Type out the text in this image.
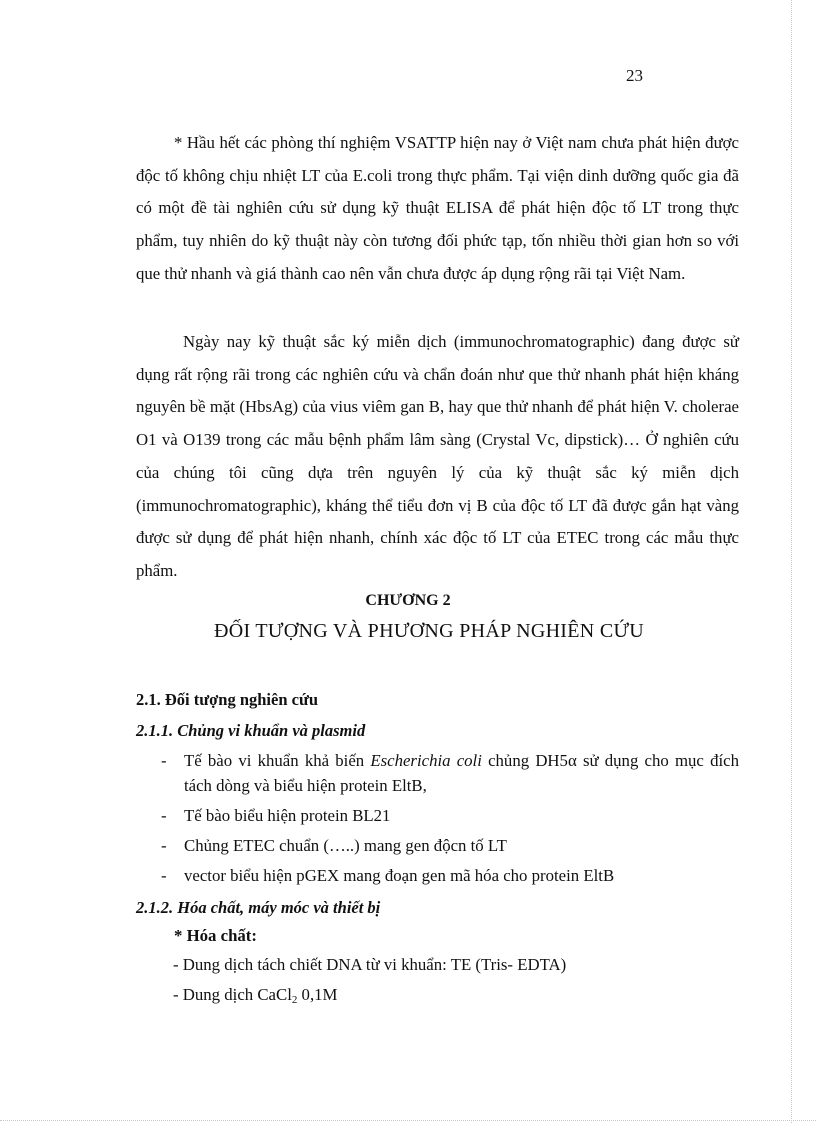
23

* Hầu hết các phòng thí nghiệm VSATTP hiện nay ở Việt nam chưa phát hiện được độc tố không chịu nhiệt LT của E.coli trong thực phẩm. Tại viện dinh dưỡng quốc gia đã có một đề tài nghiên cứu sử dụng kỹ thuật ELISA để phát hiện độc tố LT trong thực phẩm, tuy nhiên do kỹ thuật này còn tương đối phức tạp, tốn nhiều thời gian hơn so với que thử nhanh và giá thành cao nên vẫn chưa được áp dụng rộng rãi tại Việt Nam.

Ngày nay kỹ thuật sắc ký miễn dịch (immunochromatographic) đang được sử dụng rất rộng rãi trong các nghiên cứu và chẩn đoán như que thử nhanh phát hiện kháng nguyên bề mặt (HbsAg) của vius viêm gan B, hay que thử nhanh để phát hiện V. cholerae O1 và O139 trong các mẫu bệnh phẩm lâm sàng (Crystal Vc, dipstick)… Ở nghiên cứu của chúng tôi cũng dựa trên nguyên lý của kỹ thuật sắc ký miễn dịch (immunochromatographic), kháng thể tiểu đơn vị B của độc tố LT đã được gắn hạt vàng được sử dụng để phát hiện nhanh, chính xác độc tố LT của ETEC trong các mẫu thực phẩm.

CHƯƠNG 2
ĐỐI TƯỢNG VÀ PHƯƠNG PHÁP NGHIÊN CỨU
2.1. Đối tượng nghiên cứu
2.1.1. Chủng vi khuẩn và plasmid
- Tế bào vi khuẩn khả biến Escherichia coli chủng DH5α sử dụng cho mục đích tách dòng và biểu hiện protein EltB,
- Tế bào biểu hiện protein BL21
- Chủng ETEC chuẩn (…..) mang gen độcn tố LT
- vector biểu hiện pGEX mang đoạn gen mã hóa cho protein EltB
2.1.2. Hóa chất, máy móc và thiết bị
* Hóa chất:
- Dung dịch tách chiết DNA từ vi khuẩn: TE (Tris- EDTA)
- Dung dịch CaCl$_2$ 0,1M
